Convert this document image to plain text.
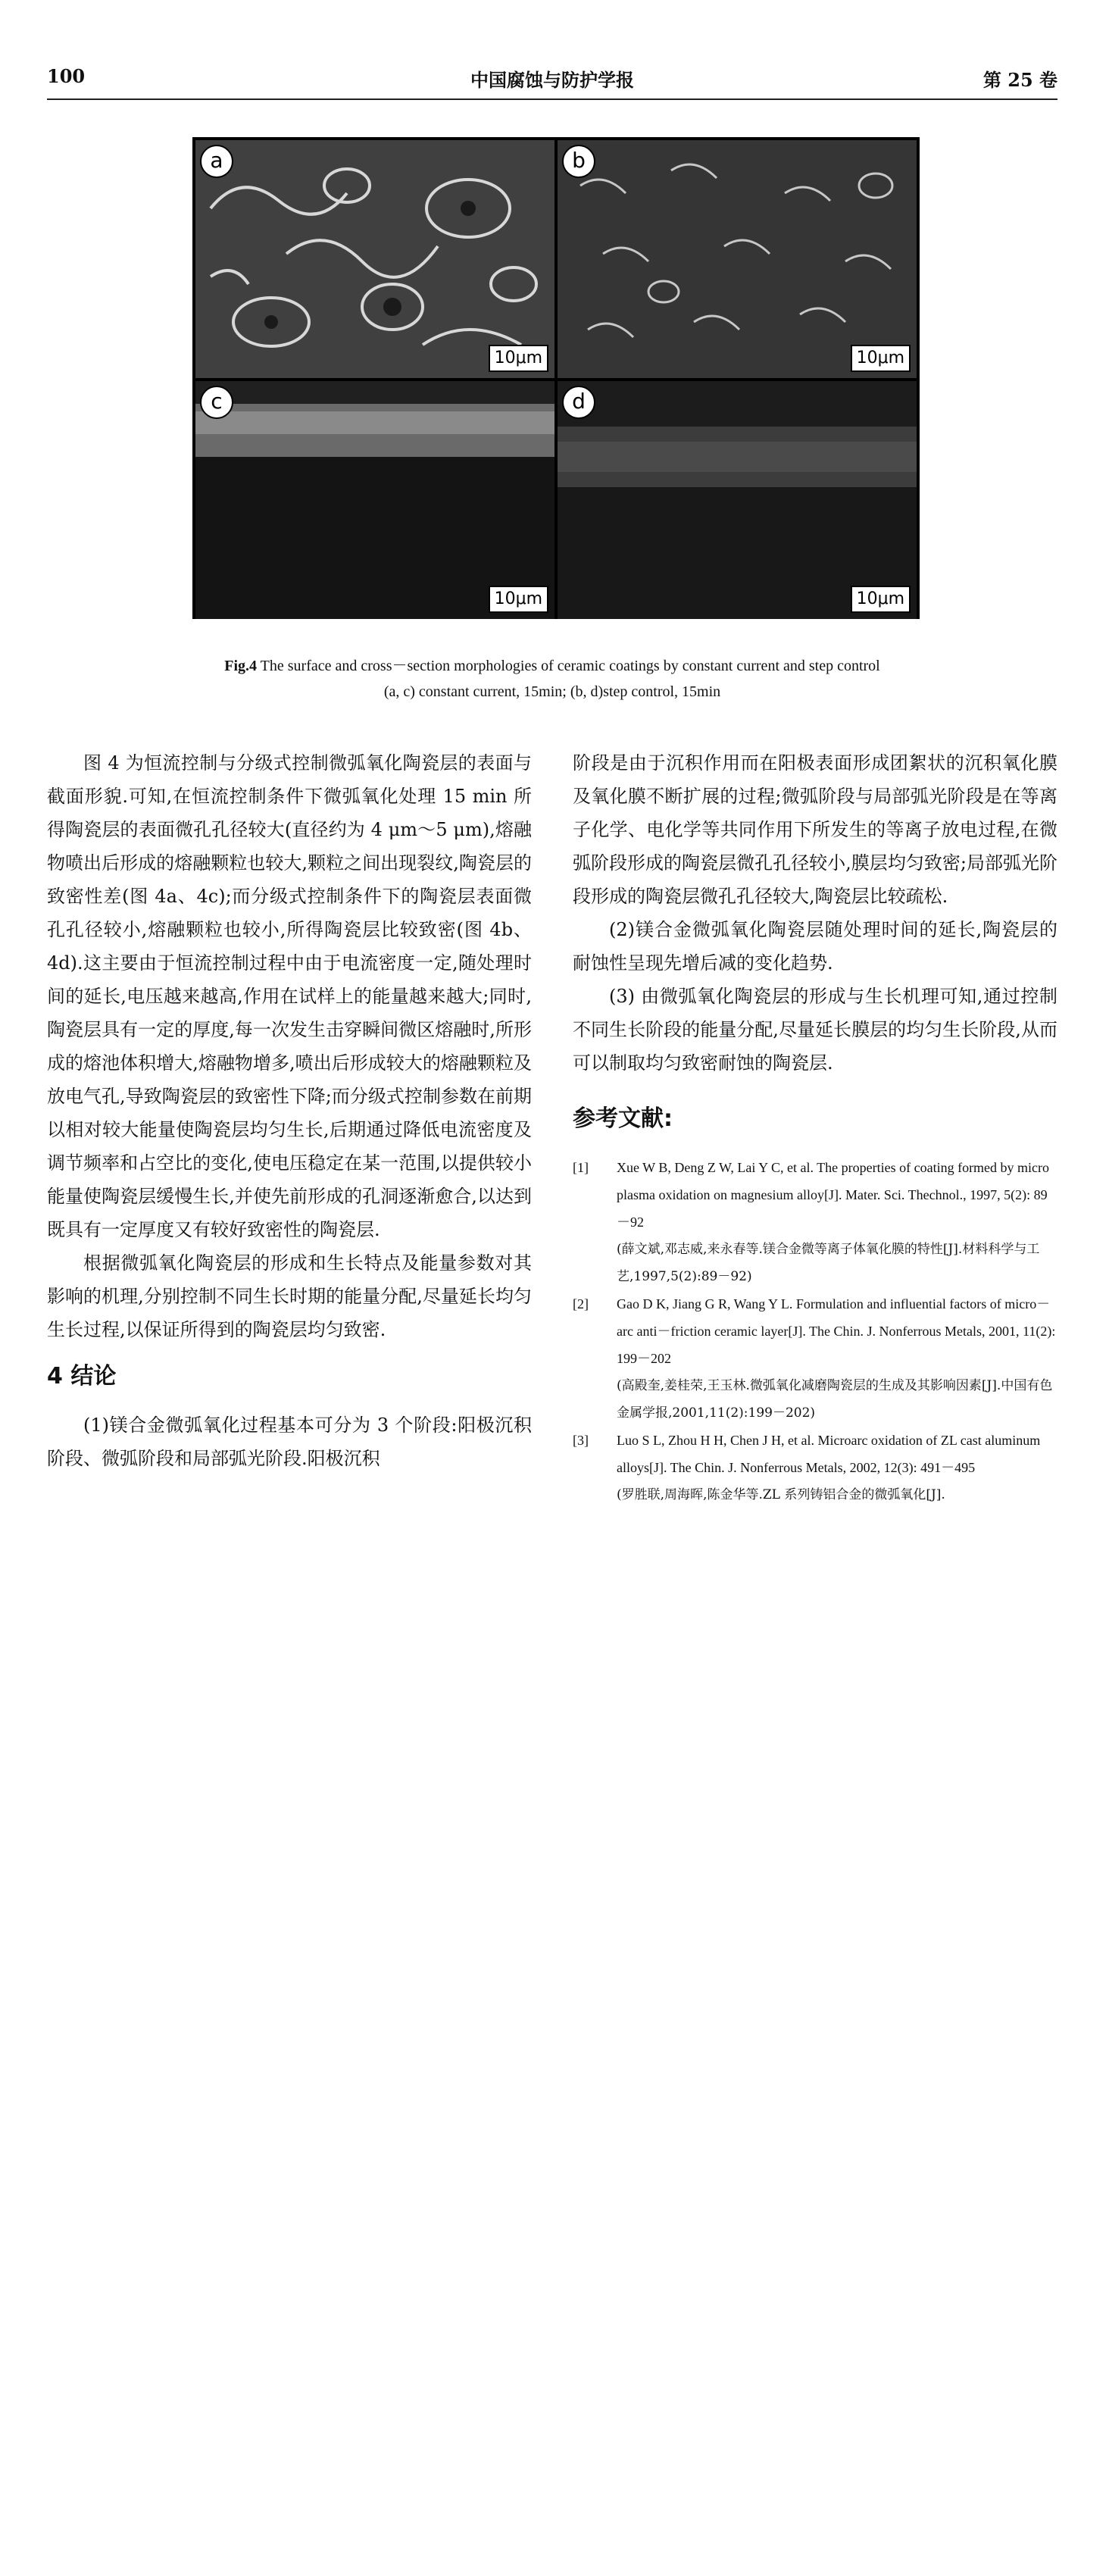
中国腐蚀与防护学报
100	第 25 卷
a
10μm
b
10μm
c
10μm
d
10μm
Fig.4 The surface and cross－section morphologies of ceramic coatings by constant current and step control
(a, c) constant current, 15min; (b, d)step control, 15min

图 4 为恒流控制与分级式控制微弧氧化陶瓷层的表面与截面形貌.可知,在恒流控制条件下微弧氧化处理 15 min 所得陶瓷层的表面微孔孔径较大(直径约为 4 μm～5 μm),熔融物喷出后形成的熔融颗粒也较大,颗粒之间出现裂纹,陶瓷层的致密性差(图 4a、4c);而分级式控制条件下的陶瓷层表面微孔孔径较小,熔融颗粒也较小,所得陶瓷层比较致密(图 4b、4d).这主要由于恒流控制过程中由于电流密度一定,随处理时间的延长,电压越来越高,作用在试样上的能量越来越大;同时,陶瓷层具有一定的厚度,每一次发生击穿瞬间微区熔融时,所形成的熔池体积增大,熔融物增多,喷出后形成较大的熔融颗粒及放电气孔,导致陶瓷层的致密性下降;而分级式控制参数在前期以相对较大能量使陶瓷层均匀生长,后期通过降低电流密度及调节频率和占空比的变化,使电压稳定在某一范围,以提供较小能量使陶瓷层缓慢生长,并使先前形成的孔洞逐渐愈合,以达到既具有一定厚度又有较好致密性的陶瓷层.

根据微弧氧化陶瓷层的形成和生长特点及能量参数对其影响的机理,分别控制不同生长时期的能量分配,尽量延长均匀生长过程,以保证所得到的陶瓷层均匀致密.

4 结论

(1)镁合金微弧氧化过程基本可分为 3 个阶段:阳极沉积阶段、微弧阶段和局部弧光阶段.阳极沉积

阶段是由于沉积作用而在阳极表面形成团絮状的沉积氧化膜及氧化膜不断扩展的过程;微弧阶段与局部弧光阶段是在等离子化学、电化学等共同作用下所发生的等离子放电过程,在微弧阶段形成的陶瓷层微孔孔径较小,膜层均匀致密;局部弧光阶段形成的陶瓷层微孔孔径较大,陶瓷层比较疏松.

(2)镁合金微弧氧化陶瓷层随处理时间的延长,陶瓷层的耐蚀性呈现先增后减的变化趋势.

(3) 由微弧氧化陶瓷层的形成与生长机理可知,通过控制不同生长阶段的能量分配,尽量延长膜层的均匀生长阶段,从而可以制取均匀致密耐蚀的陶瓷层.

参考文献:
[1] Xue W B, Deng Z W, Lai Y C, et al. The properties of coating formed by micro plasma oxidation on magnesium alloy[J]. Mater. Sci. Thechnol., 1997, 5(2): 89－92
(薛文斌,邓志威,来永春等.镁合金微等离子体氧化膜的特性[J].材料科学与工艺,1997,5(2):89－92)
[2] Gao D K, Jiang G R, Wang Y L. Formulation and influential factors of micro－arc anti－friction ceramic layer[J]. The Chin. J. Nonferrous Metals, 2001, 11(2): 199－202
(高殿奎,姜桂荣,王玉林.微弧氧化减磨陶瓷层的生成及其影响因素[J].中国有色金属学报,2001,11(2):199－202)
[3] Luo S L, Zhou H H, Chen J H, et al. Microarc oxidation of ZL cast aluminum alloys[J]. The Chin. J. Nonferrous Metals, 2002, 12(3): 491－495
(罗胜联,周海晖,陈金华等.ZL 系列铸铝合金的微弧氧化[J].
